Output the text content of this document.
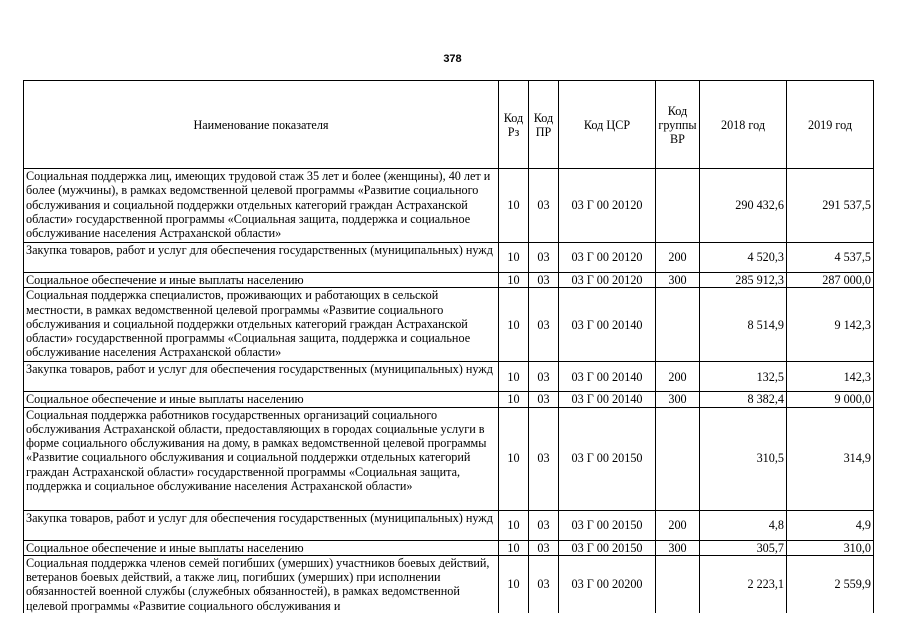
378
Наименование показателя	Код Рз	Код ПР	Код ЦСР	Код группы ВР	2018 год	2019 год
Социальная поддержка лиц, имеющих трудовой стаж 35 лет и более (женщины), 40 лет и более (мужчины), в рамках ведомственной целевой программы «Развитие социального обслуживания и социальной поддержки отдельных категорий граждан Астраханской области» государственной программы «Социальная защита, поддержка и социальное обслуживание населения Астраханской области»	10	03	03 Г 00 20120		290 432,6	291 537,5
Закупка товаров, работ и услуг для обеспечения государственных (муниципальных) нужд	10	03	03 Г 00 20120	200	4 520,3	4 537,5
Социальное обеспечение и иные выплаты населению	10	03	03 Г 00 20120	300	285 912,3	287 000,0
Социальная поддержка специалистов, проживающих и работающих в сельской местности, в рамках ведомственной целевой программы «Развитие социального обслуживания и социальной поддержки отдельных категорий граждан Астраханской области» государственной программы «Социальная защита, поддержка и социальное обслуживание населения Астраханской области»	10	03	03 Г 00 20140		8 514,9	9 142,3
Закупка товаров, работ и услуг для обеспечения государственных (муниципальных) нужд	10	03	03 Г 00 20140	200	132,5	142,3
Социальное обеспечение и иные выплаты населению	10	03	03 Г 00 20140	300	8 382,4	9 000,0
Социальная поддержка работников государственных организаций социального обслуживания Астраханской области, предоставляющих в городах социальные услуги в форме социального обслуживания на дому, в рамках ведомственной целевой программы «Развитие социального обслуживания и социальной поддержки отдельных категорий граждан Астраханской области» государственной программы «Социальная защита, поддержка и социальное обслуживание населения Астраханской области»	10	03	03 Г 00 20150		310,5	314,9
Закупка товаров, работ и услуг для обеспечения государственных (муниципальных) нужд	10	03	03 Г 00 20150	200	4,8	4,9
Социальное обеспечение и иные выплаты населению	10	03	03 Г 00 20150	300	305,7	310,0
Социальная поддержка членов семей погибших (умерших) участников боевых действий, ветеранов боевых действий, а также лиц, погибших (умерших) при исполнении обязанностей военной службы (служебных обязанностей), в рамках ведомственной целевой программы «Развитие социального обслуживания и	10	03	03 Г 00 20200		2 223,1	2 559,9
